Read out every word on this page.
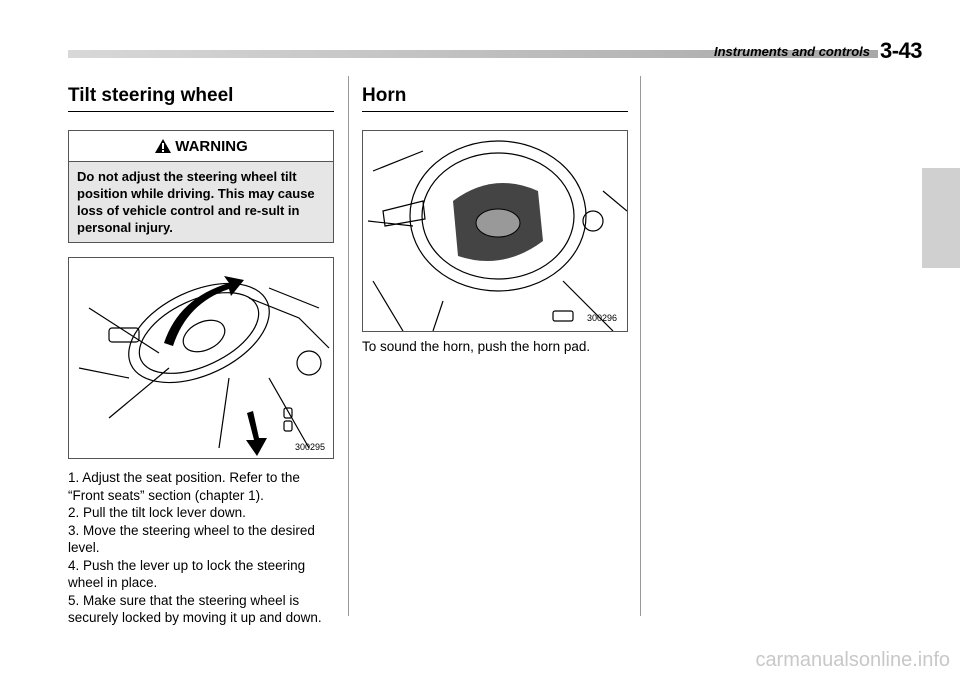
Instruments and controls 3-43
Tilt steering wheel
WARNING
Do not adjust the steering wheel tilt position while driving. This may cause loss of vehicle control and re-sult in personal injury.
300295
1. Adjust the seat position. Refer to the “Front seats” section (chapter 1).
2. Pull the tilt lock lever down.
3. Move the steering wheel to the desired level.
4. Push the lever up to lock the steering wheel in place.
5. Make sure that the steering wheel is securely locked by moving it up and down.
Horn
300296
To sound the horn, push the horn pad.
carmanualsonline.info
